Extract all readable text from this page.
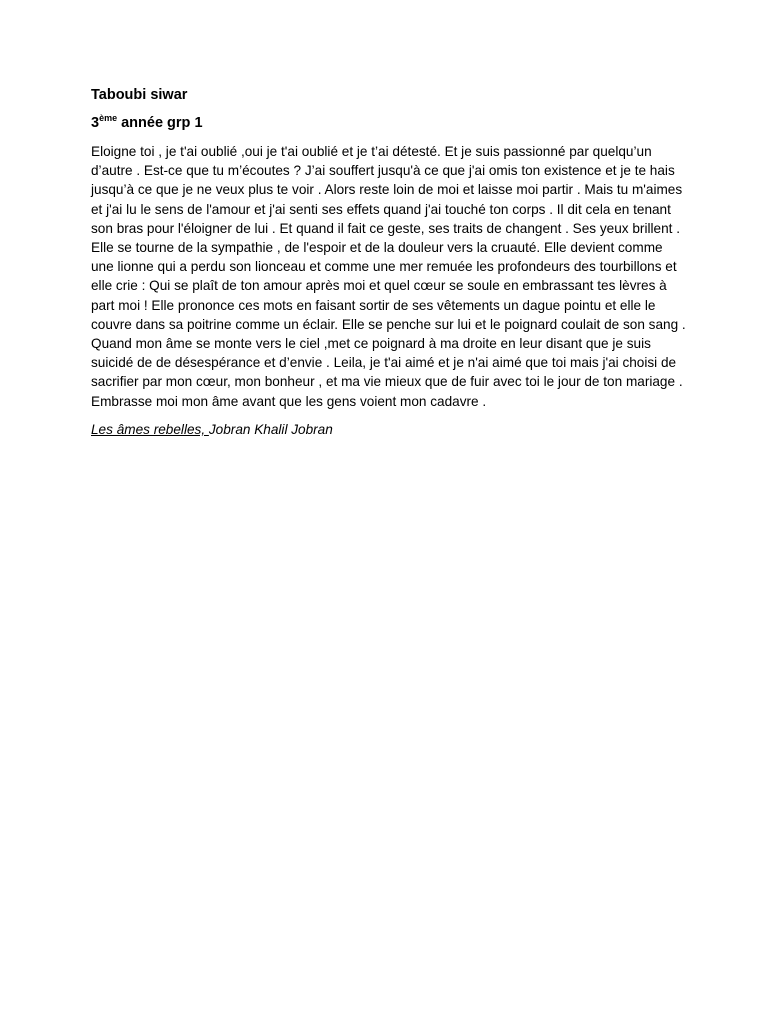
Taboubi siwar

3ème année grp 1

Eloigne toi , je t'ai oublié ,oui je t'ai oublié et je t’ai détesté. Et je suis passionné par quelqu’un d’autre . Est-ce que tu m’écoutes ? J’ai souffert jusqu'à ce que j'ai omis ton existence et je te hais jusqu’à ce que je ne veux plus te voir . Alors reste loin de moi et laisse moi partir . Mais tu m'aimes et j'ai lu le sens de l'amour et j'ai senti ses effets quand j'ai touché ton corps . Il dit cela en tenant son bras pour l'éloigner de lui . Et quand il fait ce geste, ses traits de changent . Ses yeux brillent . Elle se tourne de la sympathie , de l'espoir et de la douleur vers la cruauté. Elle devient comme une lionne qui a perdu son lionceau et comme une mer remuée les profondeurs des tourbillons et elle crie : Qui se plaît de ton amour après moi et quel cœur se soule en embrassant tes lèvres à part moi ! Elle prononce ces mots en faisant sortir de ses vêtements un dague pointu et elle le couvre dans sa poitrine comme un éclair. Elle se penche sur lui et le poignard coulait de son sang . Quand mon âme se monte vers le ciel ,met ce poignard à ma droite en leur disant que je suis suicidé de de désespérance et d’envie . Leila, je t'ai aimé et je n'ai aimé que toi mais j'ai choisi de sacrifier par mon cœur, mon bonheur , et ma vie mieux que de fuir avec toi le jour de ton mariage . Embrasse moi mon âme avant que les gens voient mon cadavre .

Les âmes rebelles, Jobran Khalil Jobran
